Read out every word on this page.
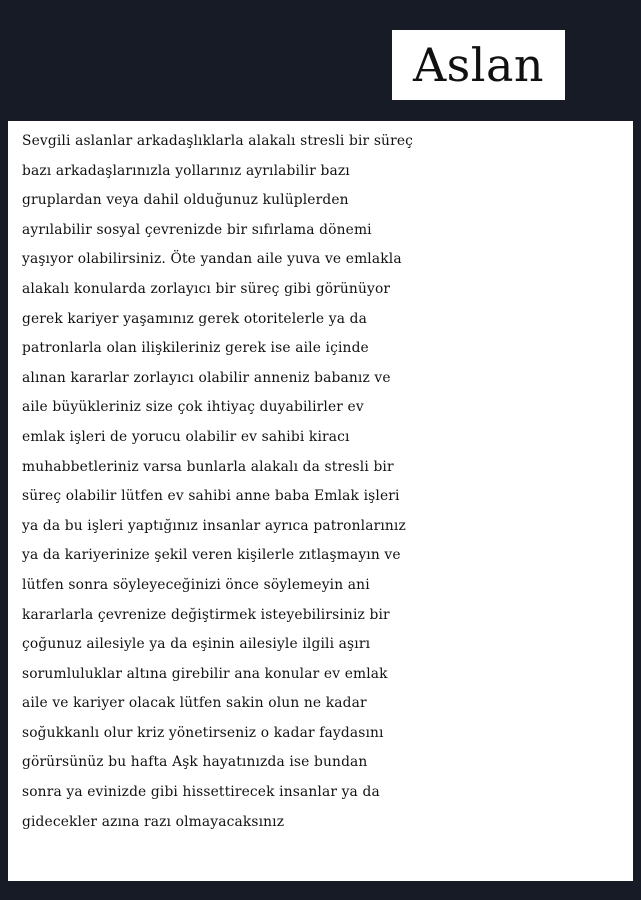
Aslan
Sevgili aslanlar arkadaşlıklarla alakalı stresli bir süreç
bazı arkadaşlarınızla yollarınız ayrılabilir bazı
gruplardan veya dahil olduğunuz kulüplerden
ayrılabilir sosyal çevrenizde bir sıfırlama dönemi
yaşıyor olabilirsiniz. Öte yandan aile yuva ve emlakla
alakalı konularda zorlayıcı bir süreç gibi görünüyor
gerek kariyer yaşamınız gerek otoritelerle ya da
patronlarla olan ilişkileriniz gerek ise aile içinde
alınan kararlar zorlayıcı olabilir anneniz babanız ve
aile büyükleriniz size çok ihtiyaç duyabilirler ev
emlak işleri de yorucu olabilir ev sahibi kiracı
muhabbetleriniz varsa bunlarla alakalı da stresli bir
süreç olabilir lütfen ev sahibi anne baba Emlak işleri
ya da bu işleri yaptığınız insanlar ayrıca patronlarınız
ya da kariyerinize şekil veren kişilerle zıtlaşmayın ve
lütfen sonra söyleyeceğinizi önce söylemeyin ani
kararlarla çevrenize değiştirmek isteyebilirsiniz bir
çoğunuz ailesiyle ya da eşinin ailesiyle ilgili aşırı
sorumluluklar altına girebilir ana konular ev emlak
aile ve kariyer olacak lütfen sakin olun ne kadar
soğukkanlı olur kriz yönetirseniz o kadar faydasını
görürsünüz bu hafta Aşk hayatınızda ise bundan
sonra ya evinizde gibi hissettirecek insanlar ya da
gidecekler azına razı olmayacaksınız
